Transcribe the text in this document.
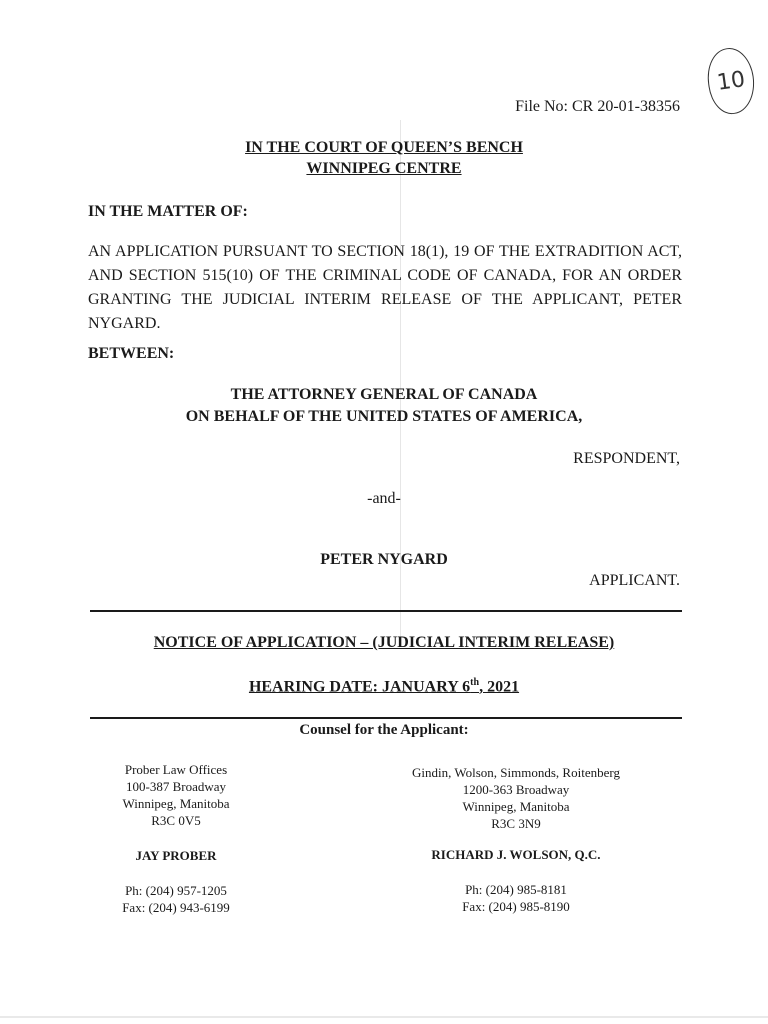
10
File No: CR 20-01-38356
IN THE COURT OF QUEEN’S BENCH
WINNIPEG CENTRE
IN THE MATTER OF:
AN APPLICATION PURSUANT TO SECTION 18(1), 19 OF THE EXTRADITION ACT, AND SECTION 515(10) OF THE CRIMINAL CODE OF CANADA, FOR AN ORDER GRANTING THE JUDICIAL INTERIM RELEASE OF THE APPLICANT, PETER NYGARD.
BETWEEN:
THE ATTORNEY GENERAL OF CANADA
ON BEHALF OF THE UNITED STATES OF AMERICA,
RESPONDENT,
-and-
PETER NYGARD
APPLICANT.
NOTICE OF APPLICATION – (JUDICIAL INTERIM RELEASE)
HEARING DATE: JANUARY 6th, 2021
Counsel for the Applicant:
Prober Law Offices
100-387 Broadway
Winnipeg, Manitoba
R3C 0V5
JAY PROBER
Ph: (204) 957-1205
Fax: (204) 943-6199
Gindin, Wolson, Simmonds, Roitenberg
1200-363 Broadway
Winnipeg, Manitoba
R3C 3N9
RICHARD J. WOLSON, Q.C.
Ph: (204) 985-8181
Fax: (204) 985-8190
